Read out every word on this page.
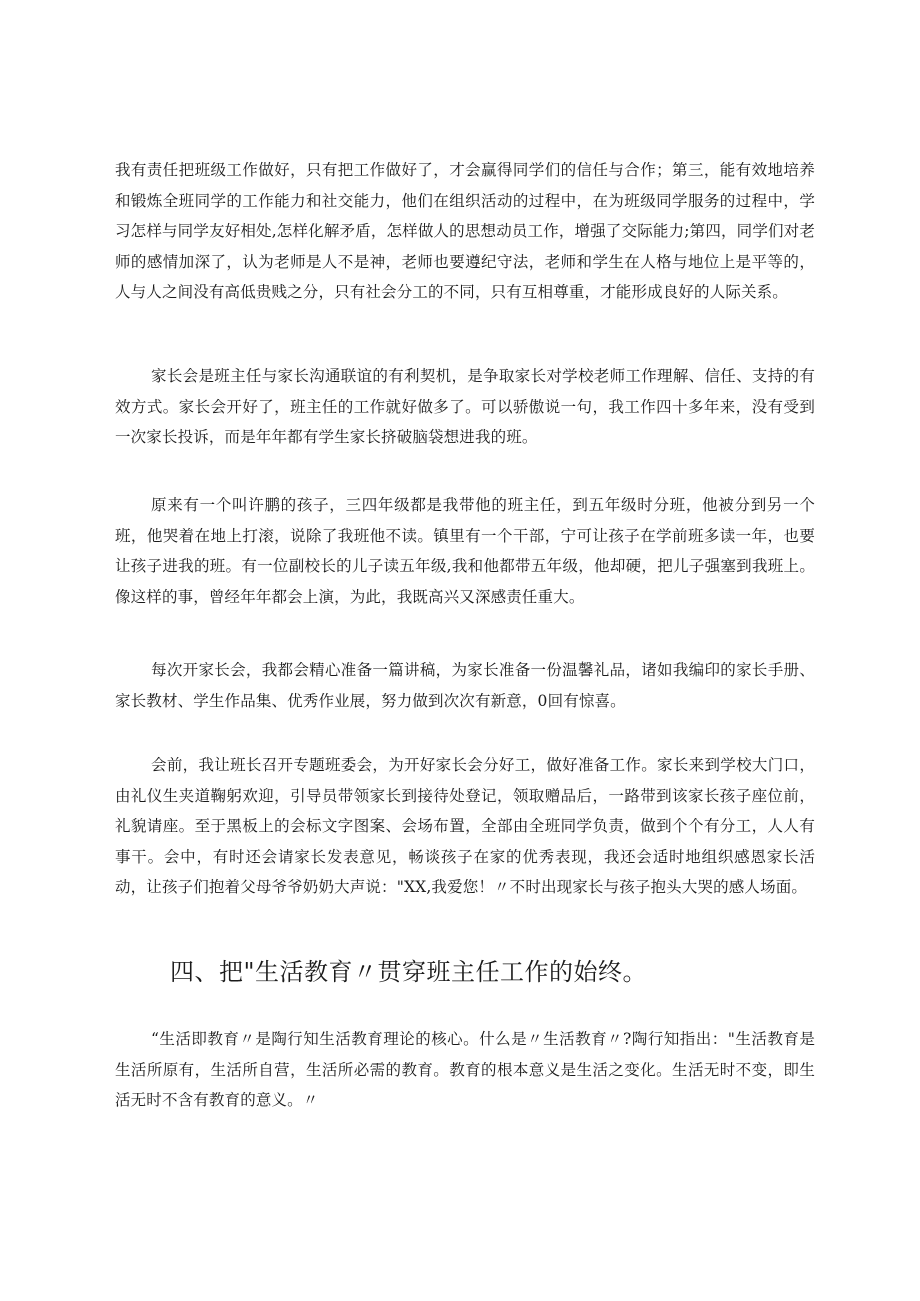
我有责任把班级工作做好，只有把工作做好了，才会赢得同学们的信任与合作；第三，能有效地培养和锻炼全班同学的工作能力和社交能力，他们在组织活动的过程中，在为班级同学服务的过程中，学习怎样与同学友好相处,怎样化解矛盾，怎样做人的思想动员工作，增强了交际能力;第四，同学们对老师的感情加深了，认为老师是人不是神，老师也要遵纪守法，老师和学生在人格与地位上是平等的，人与人之间没有高低贵贱之分，只有社会分工的不同，只有互相尊重，才能形成良好的人际关系。

家长会是班主任与家长沟通联谊的有利契机，是争取家长对学校老师工作理解、信任、支持的有效方式。家长会开好了，班主任的工作就好做多了。可以骄傲说一句，我工作四十多年来，没有受到一次家长投诉，而是年年都有学生家长挤破脑袋想进我的班。

原来有一个叫许鹏的孩子，三四年级都是我带他的班主任，到五年级时分班，他被分到另一个班，他哭着在地上打滚，说除了我班他不读。镇里有一个干部，宁可让孩子在学前班多读一年，也要让孩子进我的班。有一位副校长的儿子读五年级,我和他都带五年级，他却硬，把儿子强塞到我班上。像这样的事，曾经年年都会上演，为此，我既高兴又深感责任重大。

每次开家长会，我都会精心准备一篇讲稿，为家长准备一份温馨礼品，诸如我编印的家长手册、家长教材、学生作品集、优秀作业展，努力做到次次有新意，0回有惊喜。

会前，我让班长召开专题班委会，为开好家长会分好工，做好准备工作。家长来到学校大门口，由礼仪生夹道鞠躬欢迎，引导员带领家长到接待处登记，领取赠品后，一路带到该家长孩子座位前，礼貌请座。至于黑板上的会标文字图案、会场布置，全部由全班同学负责，做到个个有分工，人人有事干。会中，有时还会请家长发表意见，畅谈孩子在家的优秀表现，我还会适时地组织感恩家长活动，让孩子们抱着父母爷爷奶奶大声说："XX,我爱您！〃不时出现家长与孩子抱头大哭的感人场面。

四、把"生活教育〃贯穿班主任工作的始终。

“生活即教育〃是陶行知生活教育理论的核心。什么是〃生活教育〃?陶行知指出："生活教育是生活所原有，生活所自营，生活所必需的教育。教育的根本意义是生活之变化。生活无时不变，即生活无时不含有教育的意义。〃
